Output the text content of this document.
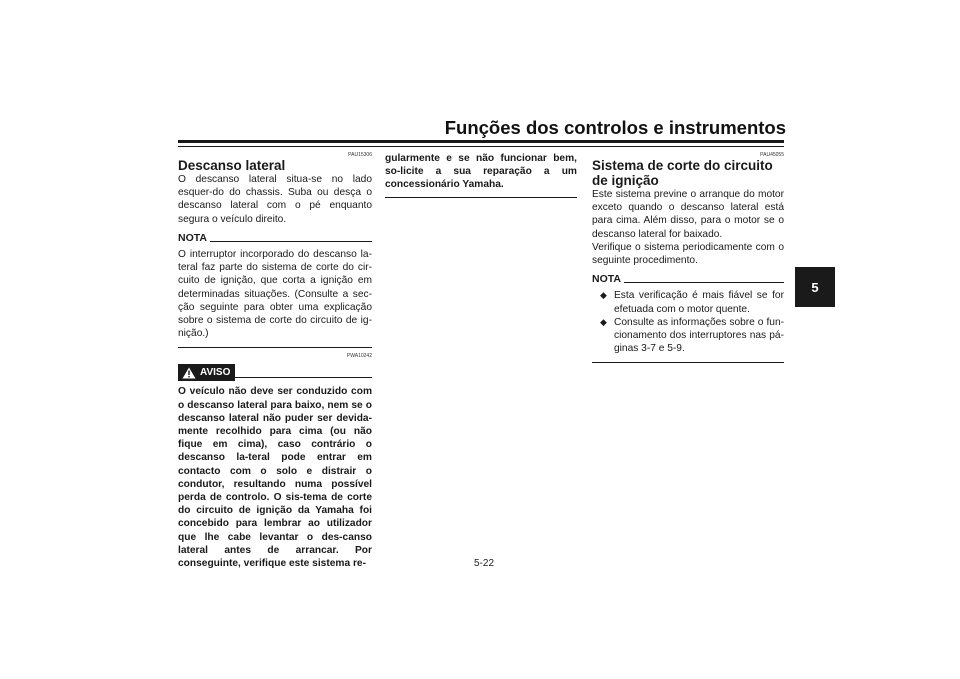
Funções dos controlos e instrumentos
5
PAU15306
Descanso lateral

O descanso lateral situa-se no lado esquer-do do chassis. Suba ou desça o descanso lateral com o pé enquanto segura o veículo direito.

NOTA

O interruptor incorporado do descanso la-teral faz parte do sistema de corte do cir-cuito de ignição, que corta a ignição em determinadas situações. (Consulte a sec-ção seguinte para obter uma explicação sobre o sistema de corte do circuito de ig-nição.)

PWA10242
AVISO

O veículo não deve ser conduzido com o descanso lateral para baixo, nem se o descanso lateral não puder ser devida-mente recolhido para cima (ou não fique em cima), caso contrário o descanso la-teral pode entrar em contacto com o solo e distrair o condutor, resultando numa possível perda de controlo. O sis-tema de corte do circuito de ignição da Yamaha foi concebido para lembrar ao utilizador que lhe cabe levantar o des-canso lateral antes de arrancar. Por conseguinte, verifique este sistema re-

gularmente e se não funcionar bem, so-licite a sua reparação a um concessionário Yamaha.

PAU45055
Sistema de corte do circuito de ignição

Este sistema previne o arranque do motor exceto quando o descanso lateral está para cima. Além disso, para o motor se o descanso lateral for baixado.

Verifique o sistema periodicamente com o seguinte procedimento.

NOTA
◆ Esta verificação é mais fiável se for efetuada com o motor quente.
◆ Consulte as informações sobre o fun-cionamento dos interruptores nas pá-ginas 3-7 e 5-9.
5-22
